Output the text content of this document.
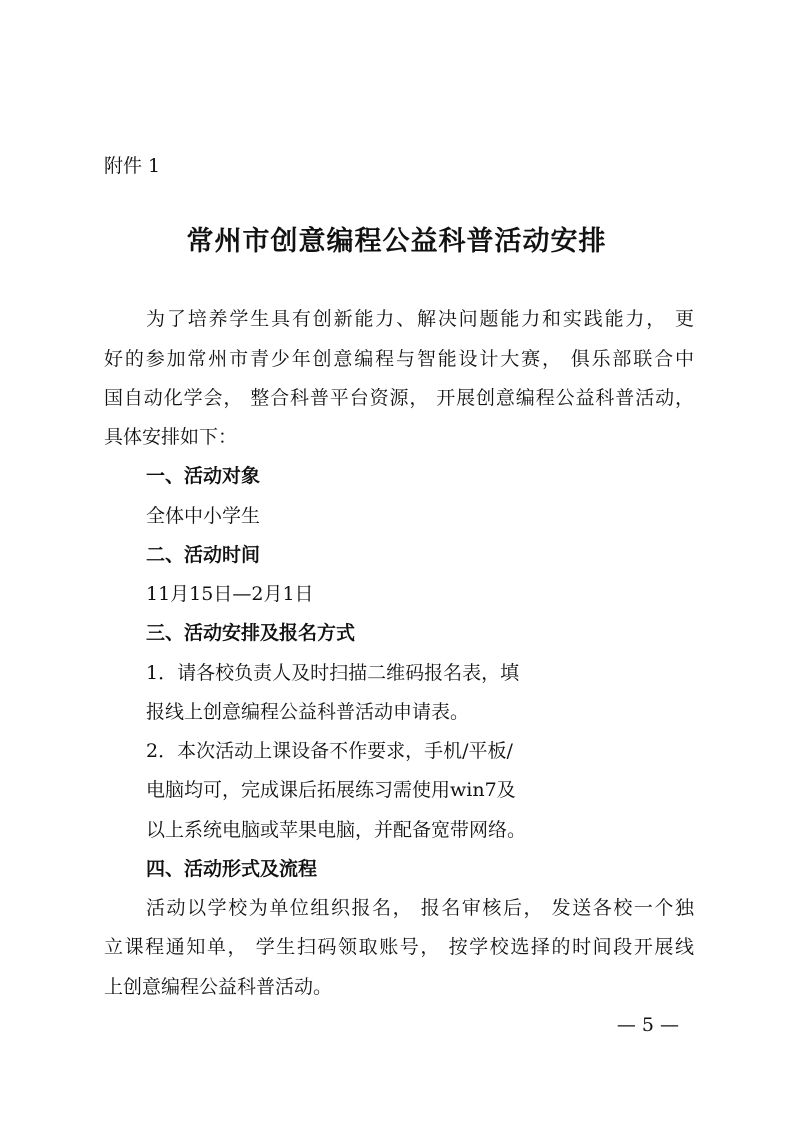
附件 1
常州市创意编程公益科普活动安排
为了培养学生具有创新能力、解决问题能力和实践能力， 更
好的参加常州市青少年创意编程与智能设计大赛， 俱乐部联合中
国自动化学会， 整合科普平台资源， 开展创意编程公益科普活动，
具体安排如下：
一、活动对象
全体中小学生
二、活动时间
11月15日—2月1日
三、活动安排及报名方式
1．请各校负责人及时扫描二维码报名表，填
报线上创意编程公益科普活动申请表。
2．本次活动上课设备不作要求，手机/平板/
电脑均可，完成课后拓展练习需使用win7及
以上系统电脑或苹果电脑，并配备宽带网络。
四、活动形式及流程
活动以学校为单位组织报名， 报名审核后， 发送各校一个独
立课程通知单， 学生扫码领取账号， 按学校选择的时间段开展线
上创意编程公益科普活动。
— 5 —
